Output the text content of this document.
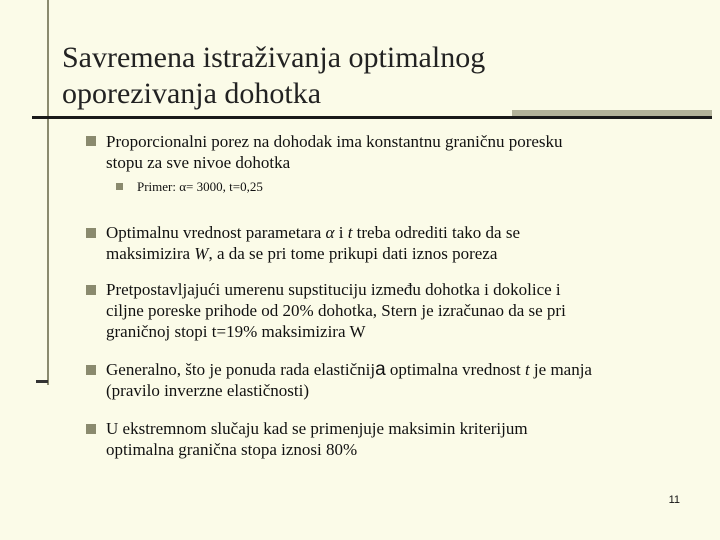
Savremena istraživanja optimalnog
oporezivanja dohotka
Proporcionalni porez na dohodak ima konstantnu graničnu poresku
stopu za sve nivoe dohotka
Primer: α= 3000, t=0,25
Optimalnu vrednost parametara α i t treba odrediti tako da se
maksimizira W, a da se pri tome prikupi dati iznos poreza
Pretpostavljajući umerenu supstituciju između dohotka i dokolice i
ciljne poreske prihode od 20% dohotka, Stern je izračunao da se pri
graničnoj stopi t=19% maksimizira W
Generalno, što je ponuda rada elastičnija optimalna vrednost t je manja
(pravilo inverzne elastičnosti)
U ekstremnom slučaju kad se primenjuje maksimin kriterijum
optimalna granična stopa iznosi 80%
11
